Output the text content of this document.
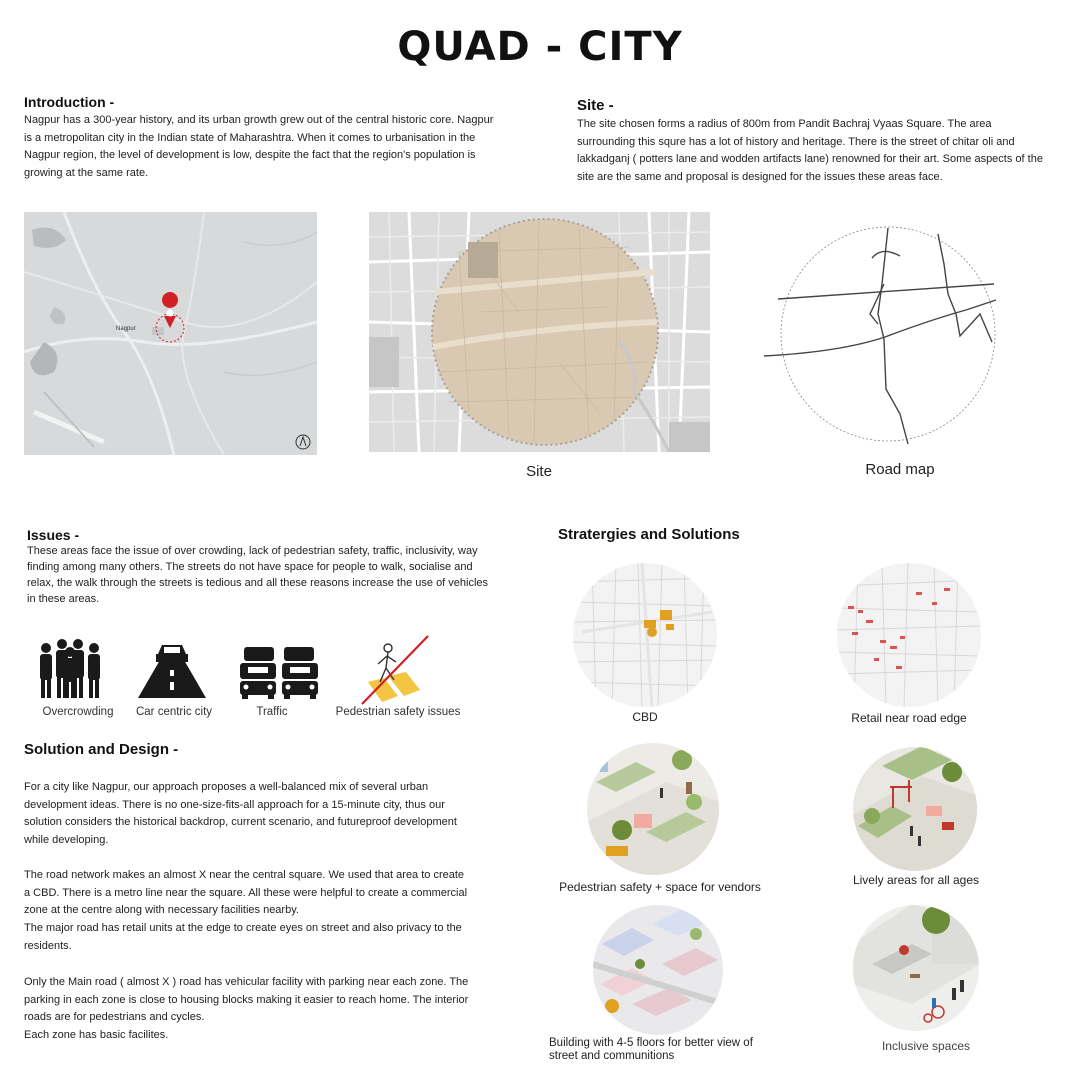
QUAD - CITY
Introduction -
Nagpur has a 300-year history, and its urban growth grew out of the central historic core. Nagpur is a metropolitan city in the Indian state of Maharashtra. When it comes to urbanisation in the Nagpur region, the level of development is low, despite the fact that the region's population is growing at the same rate.
Site -
The site chosen forms a radius of 800m from Pandit Bachraj Vyaas Square. The area surrounding this squre has a lot of history and heritage. There is the street of chitar oli and lakkadganj ( potters lane and wodden artifacts lane) renowned for their art. Some aspects of the site are the same and proposal is designed for the issues these areas face.
Nagpur
Site	Road map
Issues -
These areas face the issue of over crowding, lack of pedestrian safety, traffic, inclusivity, way finding among many others. The streets do not have space for people to walk, socialise and relax, the walk through the streets is tedious and all these reasons increase the use of vehicles in these areas.
Overcrowding	Car centric city	Traffic	Pedestrian safety issues
Solution and Design -
For a city like Nagpur, our approach proposes a well-balanced mix of several urban development ideas. There is no one-size-fits-all approach for a 15-minute city, thus our solution considers the historical backdrop, current scenario, and futureproof development while developing.
The road network makes an almost X near the central square. We used that area to create a CBD. There is a metro line near the square. All these were helpful to create a commercial zone at the centre along with necessary facilities nearby.
The major road has retail units at the edge to create eyes on street and also privacy to the residents.
Only the Main road ( almost X ) road has vehicular facility with parking near each zone. The parking in each zone is close to housing blocks making it easier to reach home. The interior roads are for pedestrians and cycles.
Each zone has basic facilites.
Stratergies and Solutions
CBD	Retail near road edge
Pedestrian safety + space for vendors	Lively areas for all ages
Building with 4-5 floors for better view of street and communitions
Inclusive spaces
